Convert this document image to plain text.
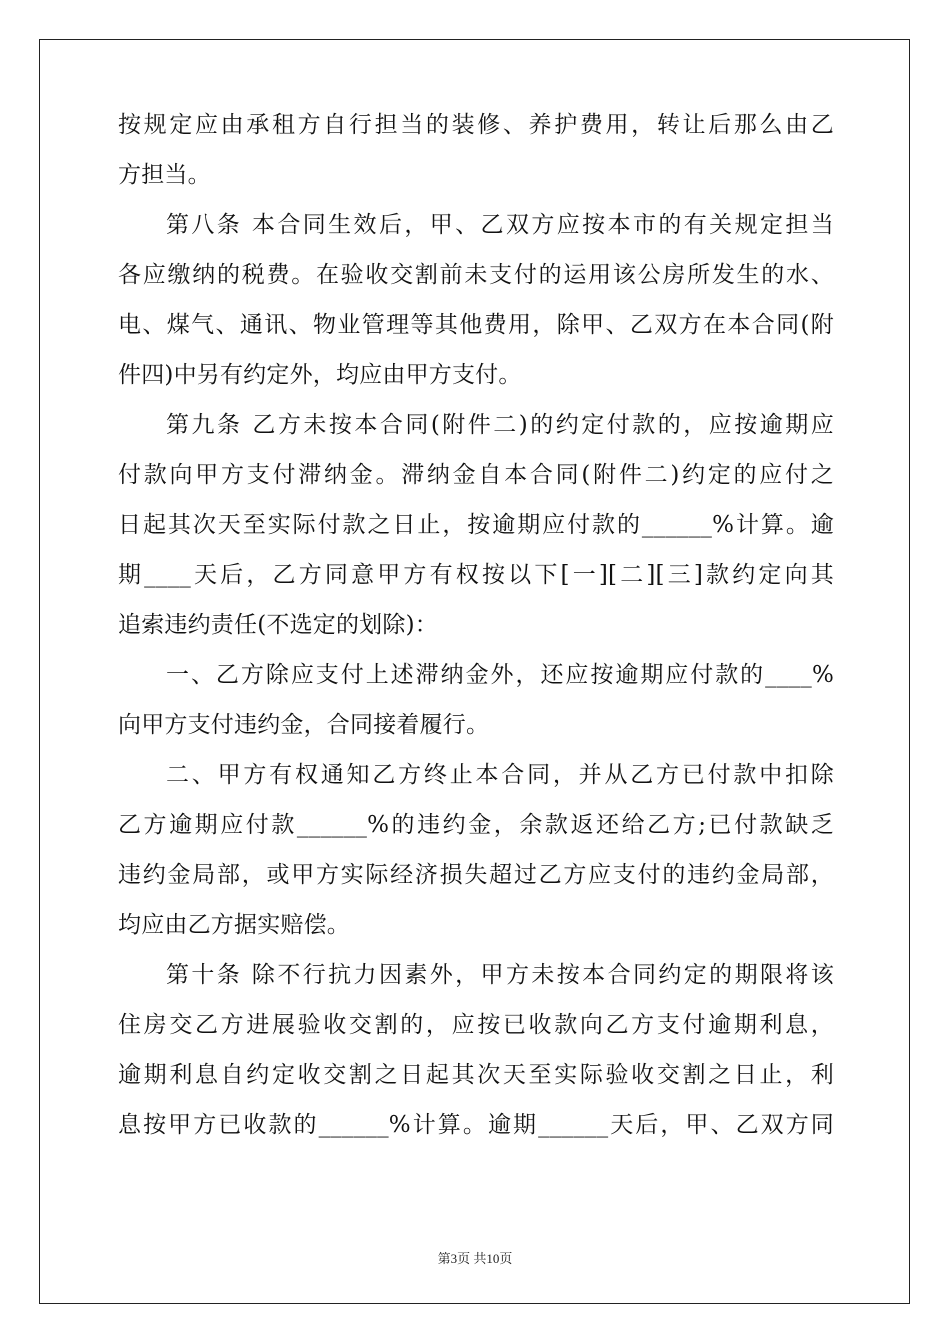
按规定应由承租方自行担当的装修、养护费用，转让后那么由乙
方担当。
第八条 本合同生效后，甲、乙双方应按本市的有关规定担当
各应缴纳的税费。在验收交割前未支付的运用该公房所发生的水、
电、煤气、通讯、物业管理等其他费用，除甲、乙双方在本合同(附
件四)中另有约定外，均应由甲方支付。
第九条 乙方未按本合同(附件二)的约定付款的，应按逾期应
付款向甲方支付滞纳金。滞纳金自本合同(附件二)约定的应付之
日起其次天至实际付款之日止，按逾期应付款的______%计算。逾
期____天后，乙方同意甲方有权按以下[一][二][三]款约定向其
追索违约责任(不选定的划除)：
一、乙方除应支付上述滞纳金外，还应按逾期应付款的____%
向甲方支付违约金，合同接着履行。
二、甲方有权通知乙方终止本合同，并从乙方已付款中扣除
乙方逾期应付款______%的违约金，余款返还给乙方;已付款缺乏
违约金局部，或甲方实际经济损失超过乙方应支付的违约金局部，
均应由乙方据实赔偿。
第十条 除不行抗力因素外，甲方未按本合同约定的期限将该
住房交乙方进展验收交割的，应按已收款向乙方支付逾期利息，
逾期利息自约定收交割之日起其次天至实际验收交割之日止，利
息按甲方已收款的______%计算。逾期______天后，甲、乙双方同
第3页 共10页
